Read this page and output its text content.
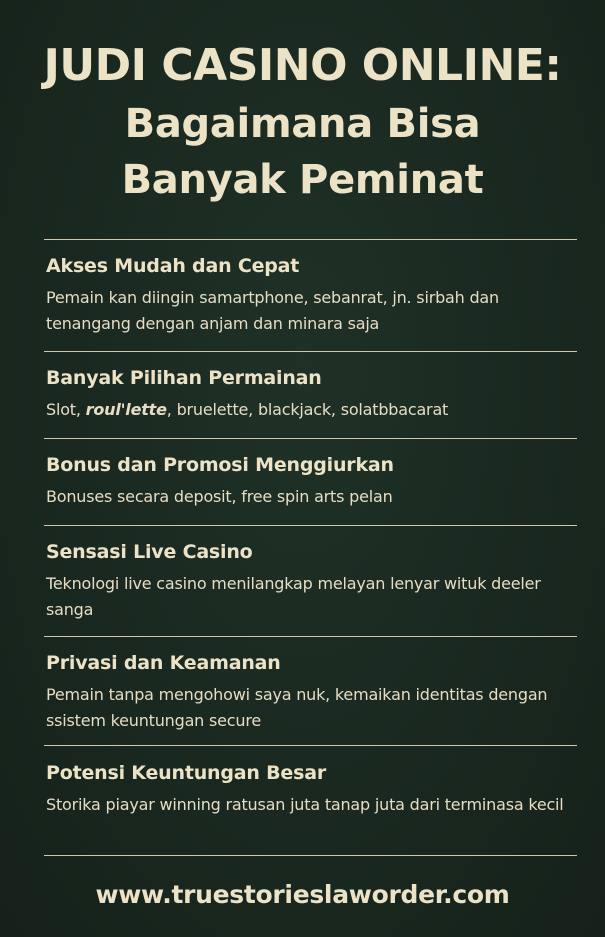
JUDI CASINO ONLINE:
Bagaimana Bisa
Banyak Peminat
Akses Mudah dan Cepat

Pemain kan diingin samartphone, sebanrat, jn. sirbah dan tenangang dengan anjam dan minara saja

Banyak Pilihan Permainan

Slot, roul'lette, bruelette, blackjack, solatbbacarat

Bonus dan Promosi Menggiurkan

Bonuses secara deposit, free spin arts pelan

Sensasi Live Casino

Teknologi live casino menilangkap melayan lenyar wituk deeler sanga

Privasi dan Keamanan

Pemain tanpa mengohowi saya nuk, kemaikan identitas dengan ssistem keuntungan secure

Potensi Keuntungan Besar

Storika piayar winning ratusan juta tanap juta dari terminasa kecil

www.truestorieslaworder.com
